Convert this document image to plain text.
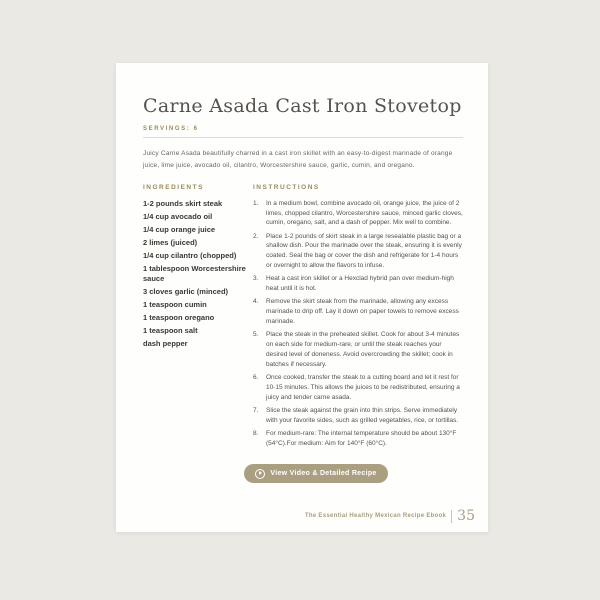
Carne Asada Cast Iron Stovetop
SERVINGS: 6

Juicy Carne Asada beautifully charred in a cast iron skillet with an easy-to-digest marinade of orange juice, lime juice, avocado oil, cilantro, Worcestershire sauce, garlic, cumin, and oregano.

INGREDIENTS
1-2 pounds skirt steak
1/4 cup avocado oil
1/4 cup orange juice
2 limes (juiced)
1/4 cup cilantro (chopped)
1 tablespoon Worcestershire sauce
3 cloves garlic (minced)
1 teaspoon cumin
1 teaspoon oregano
1 teaspoon salt
dash pepper
INSTRUCTIONS
1.	In a medium bowl, combine avocado oil, orange juice, the juice of 2 limes, chopped cilantro, Worcestershire sauce, minced garlic cloves, cumin, oregano, salt, and a dash of pepper. Mix well to combine.
2.	Place 1-2 pounds of skirt steak in a large resealable plastic bag or a shallow dish. Pour the marinade over the steak, ensuring it is evenly coated. Seal the bag or cover the dish and refrigerate for 1-4 hours or overnight to allow the flavors to infuse.
3.	Heat a cast iron skillet or a Hexclad hybrid pan over medium-high heat until it is hot.
4.	Remove the skirt steak from the marinade, allowing any excess marinade to drip off. Lay it down on paper towels to remove excess marinade.
5.	Place the steak in the preheated skillet. Cook for about 3-4 minutes on each side for medium-rare, or until the steak reaches your desired level of doneness. Avoid overcrowding the skillet; cook in batches if necessary.
6.	Once cooked, transfer the steak to a cutting board and let it rest for 10-15 minutes. This allows the juices to be redistributed, ensuring a juicy and tender carne asada.
7.	Slice the steak against the grain into thin strips. Serve immediately with your favorite sides, such as grilled vegetables, rice, or tortillas.
8.	For medium-rare: The internal temperature should be about 130°F (54°C).For medium: Aim for 140°F (60°C).
View Video & Detailed Recipe
The Essential Healthy Mexican Recipe Ebook 35
